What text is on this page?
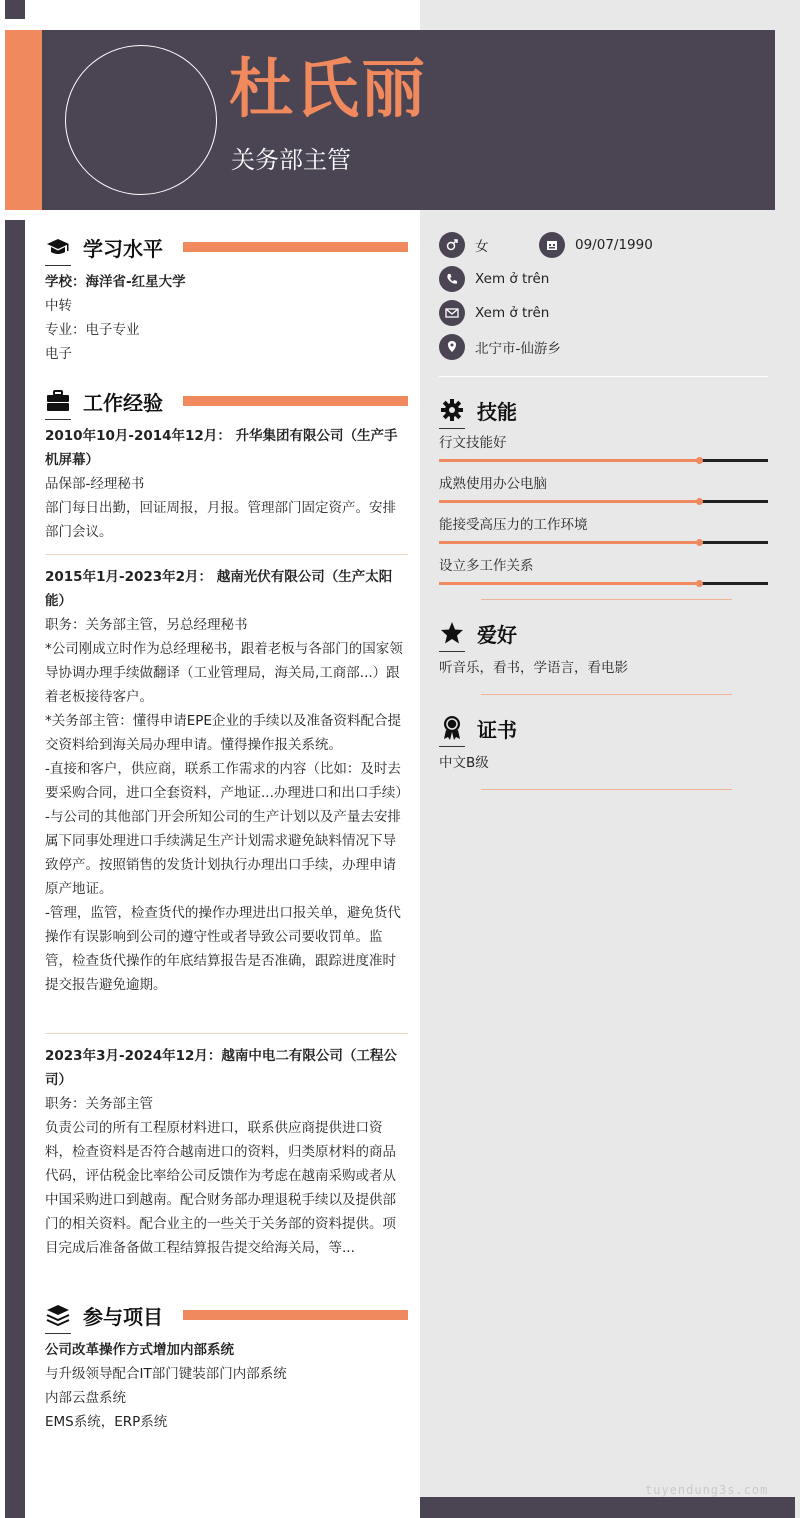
杜氏丽
关务部主管
学习水平
学校：海洋省-红星大学
中转
专业：电子专业
电子
工作经验
2010年10月-2014年12月： 升华集团有限公司（生产手机屏幕）
品保部-经理秘书
部门每日出勤，回证周报，月报。管理部门固定资产。安排部门会议。
2015年1月-2023年2月： 越南光伏有限公司（生产太阳能）
职务：关务部主管，另总经理秘书
*公司刚成立时作为总经理秘书，跟着老板与各部门的国家领导协调办理手续做翻译（工业管理局，海关局,工商部...）跟着老板接待客户。
*关务部主管：懂得申请EPE企业的手续以及准备资料配合提交资料给到海关局办理申请。懂得操作报关系统。
-直接和客户，供应商，联系工作需求的内容（比如：及时去要采购合同，进口全套资料，产地证...办理进口和出口手续）
-与公司的其他部门开会所知公司的生产计划以及产量去安排属下同事处理进口手续满足生产计划需求避免缺料情况下导致停产。按照销售的发货计划执行办理出口手续，办理申请原产地证。
-管理，监管，检查货代的操作办理进出口报关单，避免货代操作有误影响到公司的遵守性或者导致公司要收罚单。监管，检查货代操作的年底结算报告是否准确，跟踪进度准时提交报告避免逾期。
2023年3月-2024年12月：越南中电二有限公司（工程公司）
职务：关务部主管
负责公司的所有工程原材料进口，联系供应商提供进口资料，检查资料是否符合越南进口的资料，归类原材料的商品代码，评估税金比率给公司反馈作为考虑在越南采购或者从中国采购进口到越南。配合财务部办理退税手续以及提供部门的相关资料。配合业主的一些关于关务部的资料提供。项目完成后准备备做工程结算报告提交给海关局，等...
参与项目
公司改革操作方式增加内部系统
与升级领导配合IT部门键装部门内部系统
内部云盘系统
EMS系统，ERP系统
女	09/07/1990
Xem ở trên
Xem ở trên
北宁市-仙游乡
技能
行文技能好
成熟使用办公电脑
能接受高压力的工作环境
设立多工作关系
爱好
听音乐，看书，学语言，看电影
证书
中文B级
tuyendung3s.com
